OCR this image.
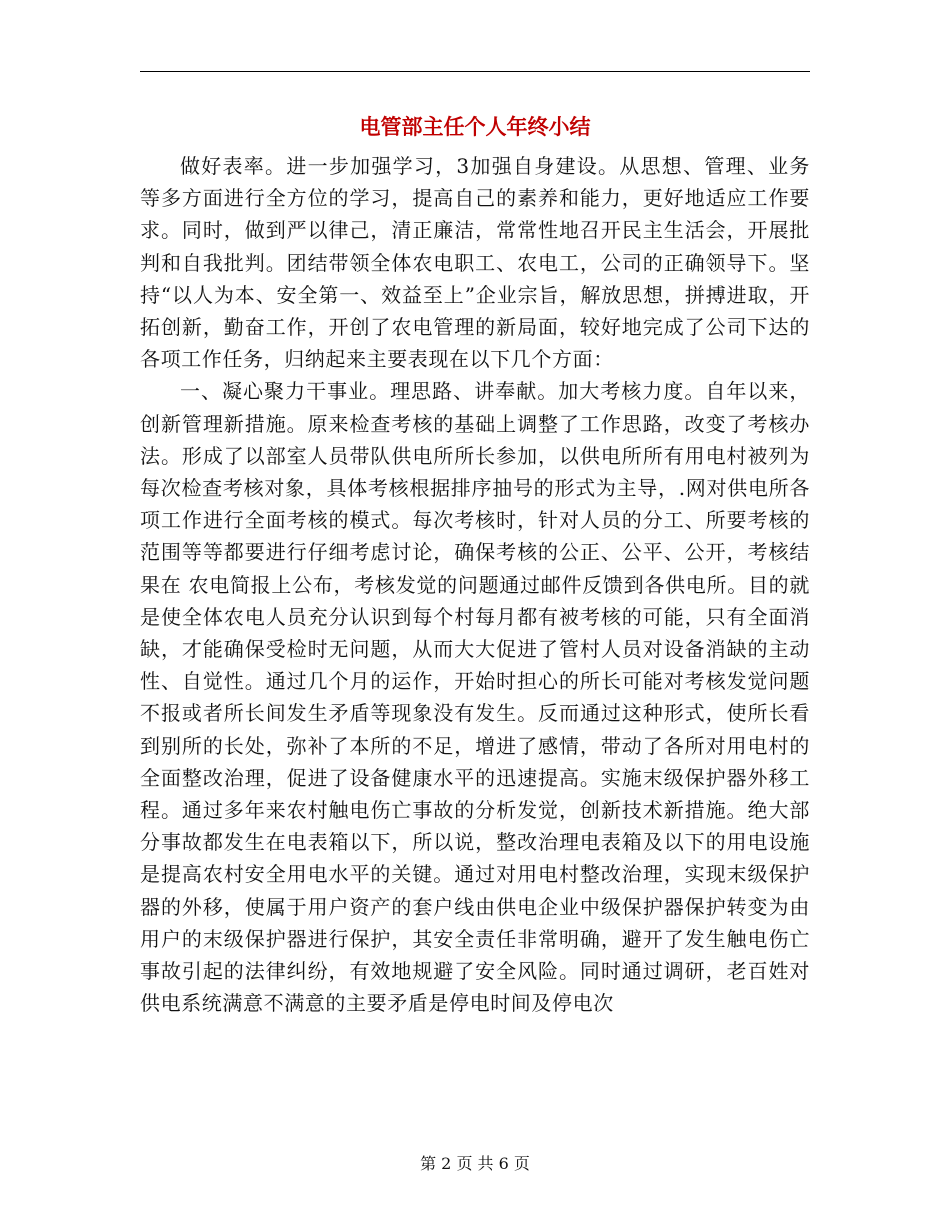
电管部主任个人年终小结

做好表率。进一步加强学习，3加强自身建设。从思想、管理、业务等多方面进行全方位的学习，提高自己的素养和能力，更好地适应工作要求。同时，做到严以律己，清正廉洁，常常性地召开民主生活会，开展批判和自我批判。团结带领全体农电职工、农电工，公司的正确领导下。坚持“以人为本、安全第一、效益至上”企业宗旨，解放思想，拼搏进取，开拓创新，勤奋工作，开创了农电管理的新局面，较好地完成了公司下达的各项工作任务，归纳起来主要表现在以下几个方面：

一、凝心聚力干事业。理思路、讲奉献。加大考核力度。自年以来，创新管理新措施。原来检查考核的基础上调整了工作思路，改变了考核办法。形成了以部室人员带队供电所所长参加，以供电所所有用电村被列为每次检查考核对象，具体考核根据排序抽号的形式为主导，.网对供电所各项工作进行全面考核的模式。每次考核时，针对人员的分工、所要考核的范围等等都要进行仔细考虑讨论，确保考核的公正、公平、公开，考核结果在 农电简报上公布，考核发觉的问题通过邮件反馈到各供电所。目的就是使全体农电人员充分认识到每个村每月都有被考核的可能，只有全面消缺，才能确保受检时无问题，从而大大促进了管村人员对设备消缺的主动性、自觉性。通过几个月的运作，开始时担心的所长可能对考核发觉问题不报或者所长间发生矛盾等现象没有发生。反而通过这种形式，使所长看到别所的长处，弥补了本所的不足，增进了感情，带动了各所对用电村的全面整改治理，促进了设备健康水平的迅速提高。实施末级保护器外移工程。通过多年来农村触电伤亡事故的分析发觉，创新技术新措施。绝大部分事故都发生在电表箱以下，所以说，整改治理电表箱及以下的用电设施是提高农村安全用电水平的关键。通过对用电村整改治理，实现末级保护器的外移，使属于用户资产的套户线由供电企业中级保护器保护转变为由用户的末级保护器进行保护，其安全责任非常明确，避开了发生触电伤亡事故引起的法律纠纷，有效地规避了安全风险。同时通过调研，老百姓对供电系统满意不满意的主要矛盾是停电时间及停电次

第 2 页 共 6 页
